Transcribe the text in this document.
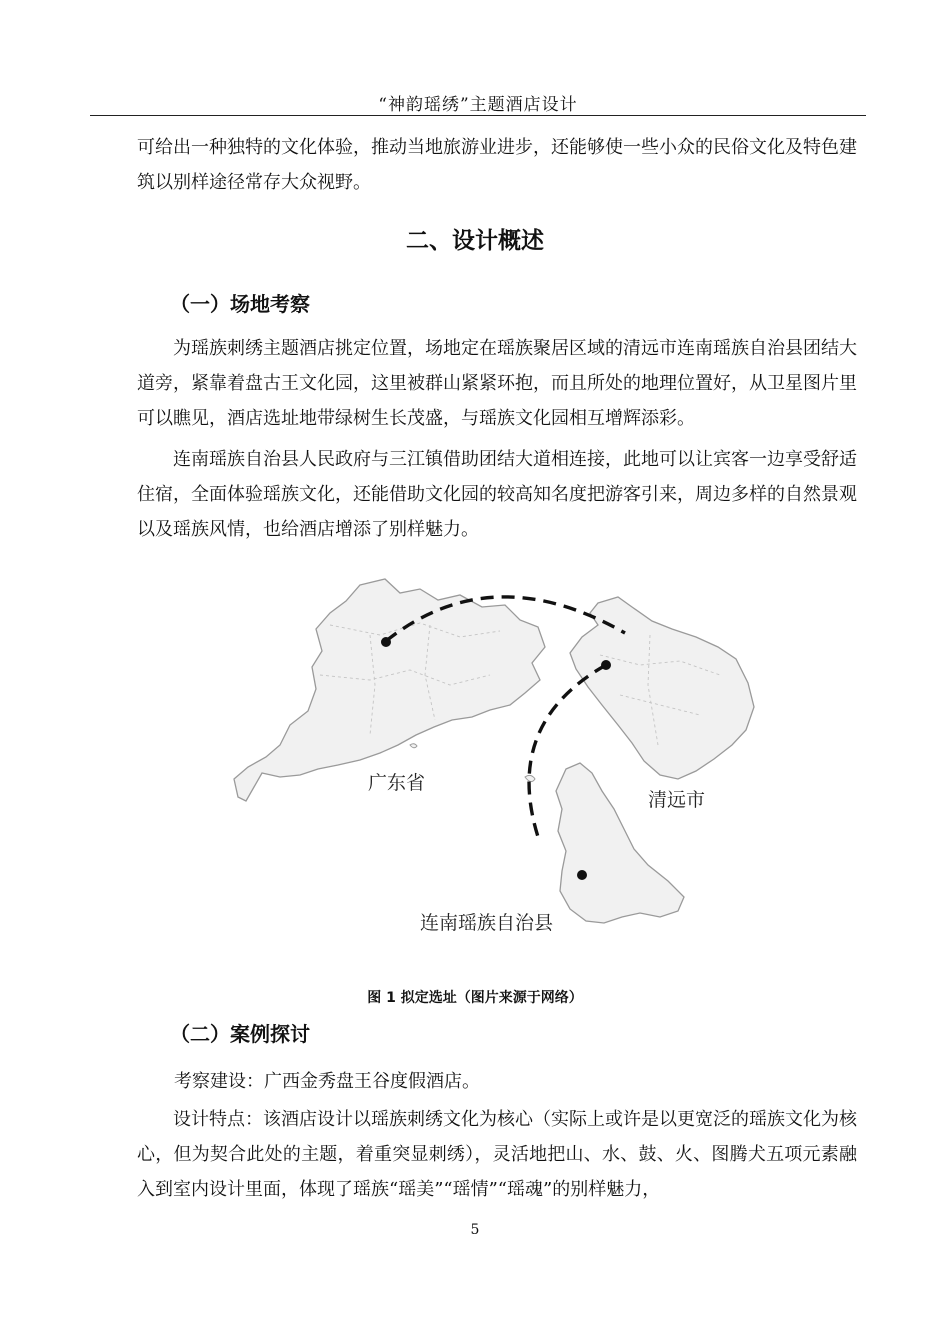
“神韵瑶绣”主题酒店设计

可给出一种独特的文化体验，推动当地旅游业进步，还能够使一些小众的民俗文化及特色建筑以别样途径常存大众视野。

二、设计概述
（一）场地考察

为瑶族刺绣主题酒店挑定位置，场地定在瑶族聚居区域的清远市连南瑶族自治县团结大道旁，紧靠着盘古王文化园，这里被群山紧紧环抱，而且所处的地理位置好，从卫星图片里可以瞧见，酒店选址地带绿树生长茂盛，与瑶族文化园相互增辉添彩。

连南瑶族自治县人民政府与三江镇借助团结大道相连接，此地可以让宾客一边享受舒适住宿，全面体验瑶族文化，还能借助文化园的较高知名度把游客引来，周边多样的自然景观以及瑶族风情，也给酒店增添了别样魅力。

广东省
清远市
连南瑶族自治县
图 1 拟定选址（图片来源于网络）
（二）案例探讨

考察建设：广西金秀盘王谷度假酒店。

设计特点：该酒店设计以瑶族刺绣文化为核心（实际上或许是以更宽泛的瑶族文化为核心，但为契合此处的主题，着重突显刺绣），灵活地把山、水、鼓、火、图腾犬五项元素融入到室内设计里面，体现了瑶族“瑶美”“瑶情”“瑶魂”的别样魅力，

5
